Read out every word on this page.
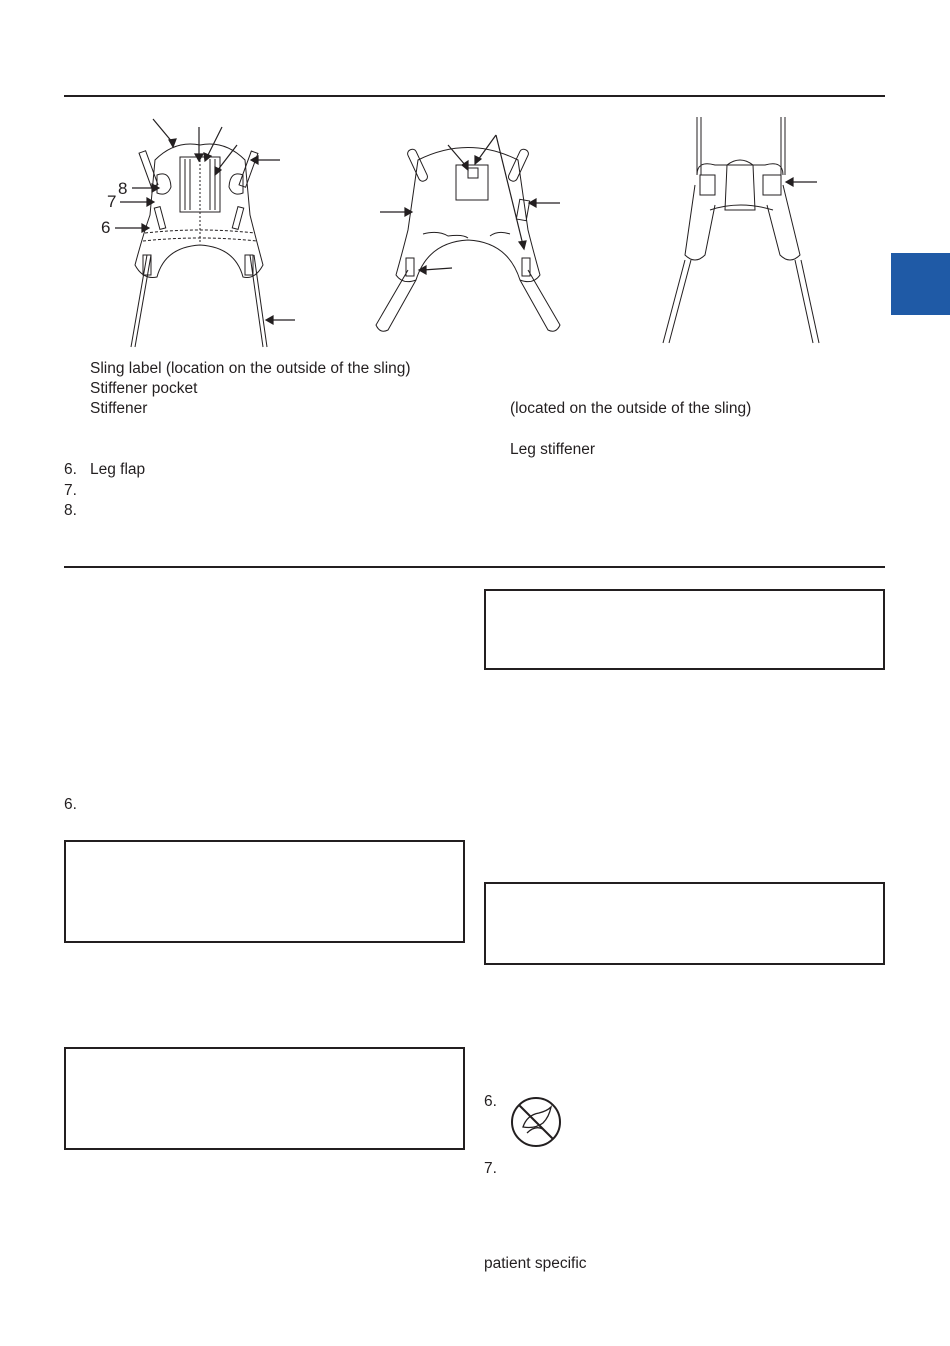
8
7
6
Sling label (location on the outside of the sling)
Stiffener pocket
Stiffener
6. Leg flap
7.
8.
(located on the outside of the sling)
Leg stiffener
6.
6.
7.
patient specific
